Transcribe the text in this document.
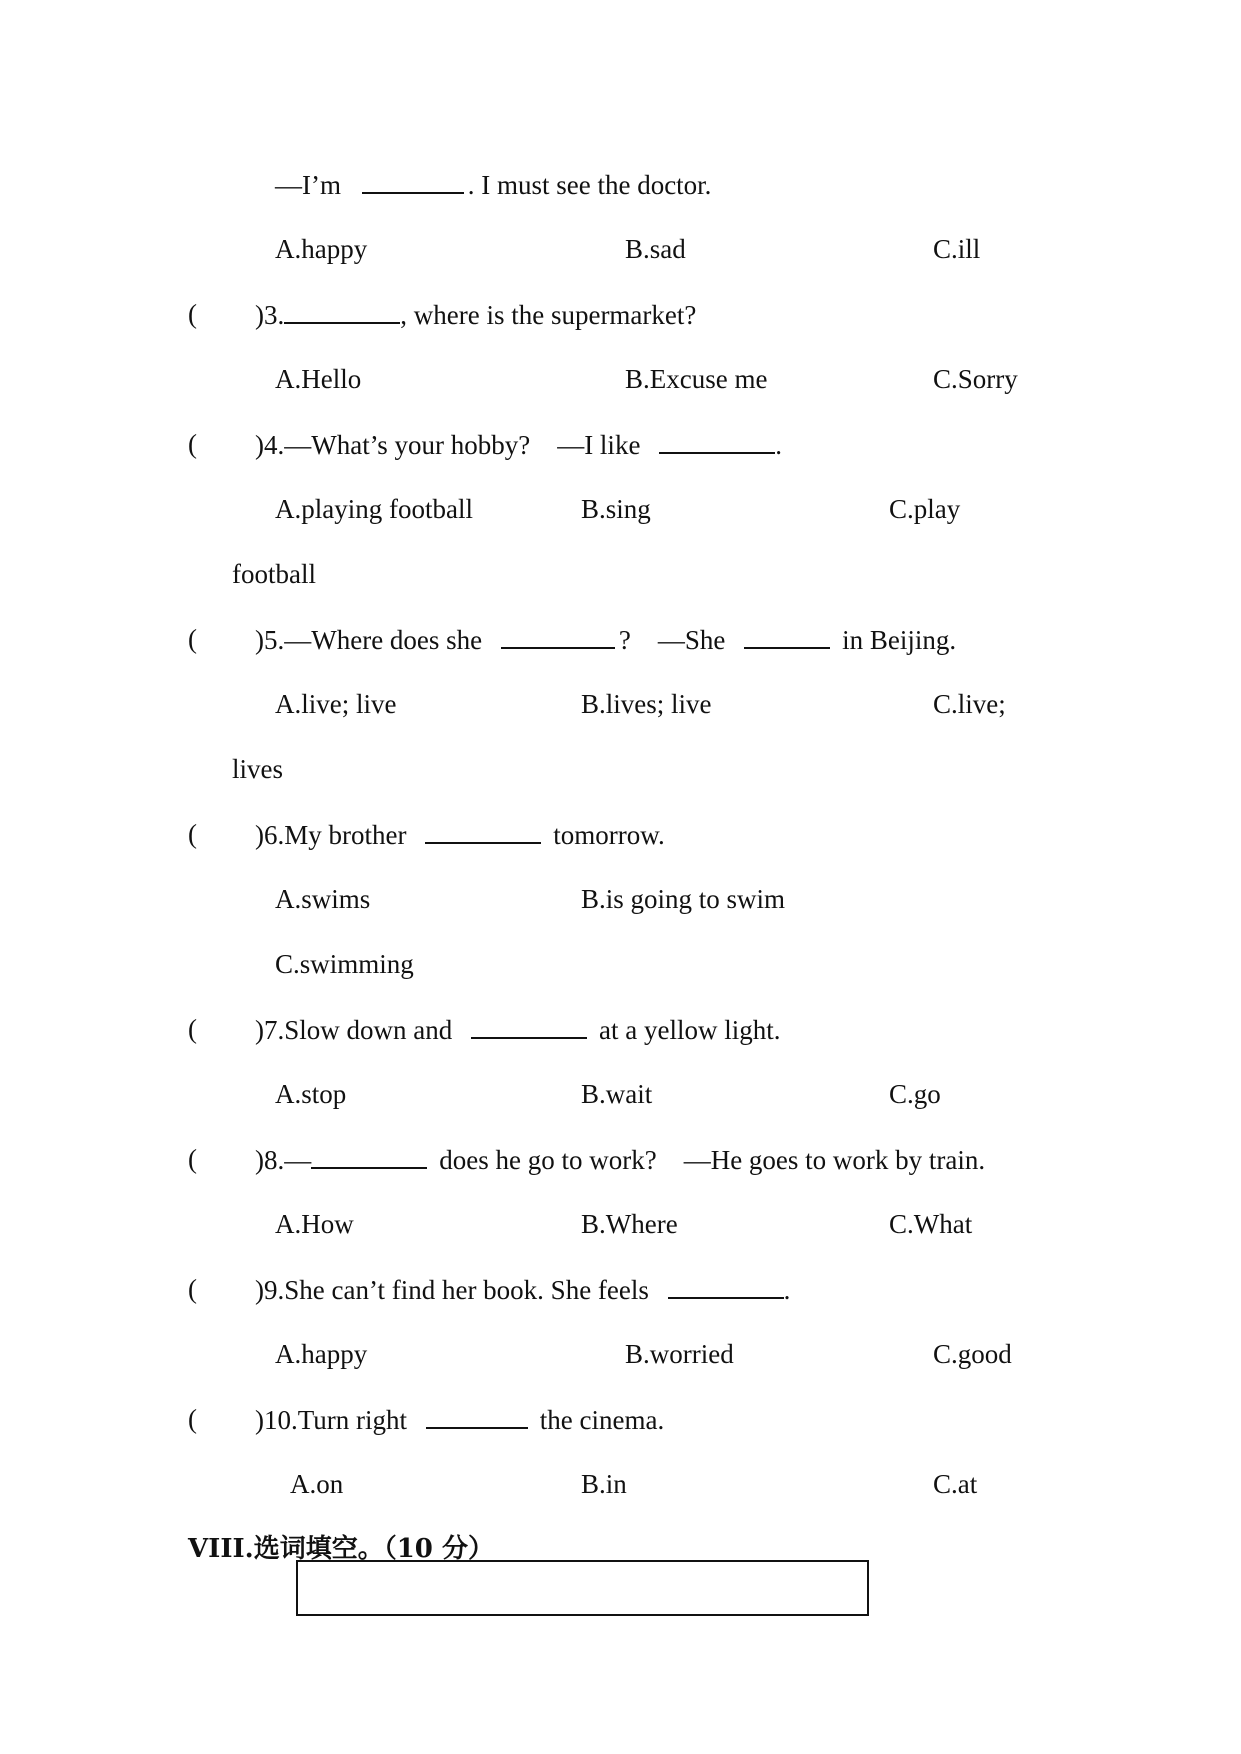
—I’m	. I must see the doctor.
A.happy	B.sad	C.ill
( )3.	, where is the supermarket?
A.Hello	B.Excuse me	C.Sorry
( )4.—What’s your hobby?    —I like	.
A.playing football	B.sing	C.play
football
( )5.—Where does she	?    —She	in Beijing.
A.live; live	B.lives; live	C.live;
lives
( )6.My brother	tomorrow.
A.swims	B.is going to swim
C.swimming
( )7.Slow down and	at a yellow light.
A.stop	B.wait	C.go
( )8.—	does he go to work?    —He goes to work by train.
A.How	B.Where	C.What
( )9.She can’t find her book. She feels	.
A.happy	B.worried	C.good
( )10.Turn right	the cinema.
A.on	B.in	C.at
VIII.选词填空。（10 分）
